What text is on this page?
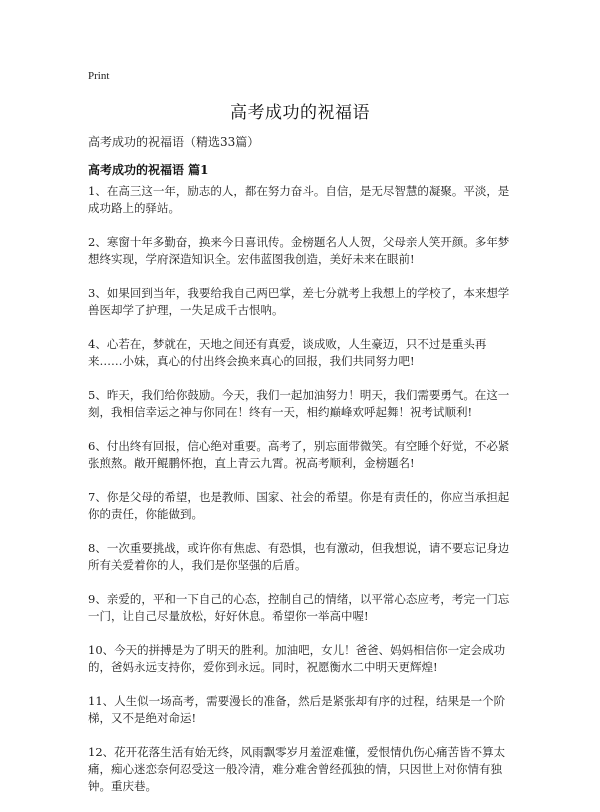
Print
高考成功的祝福语
高考成功的祝福语（精选33篇）
高考成功的祝福语 篇1

1、在高三这一年，励志的人，都在努力奋斗。自信，是无尽智慧的凝聚。平淡，是成功路上的驿站。

2、寒窗十年多勤奋，换来今日喜讯传。金榜题名人人贺，父母亲人笑开颜。多年梦想终实现，学府深造知识全。宏伟蓝图我创造，美好未来在眼前!

3、如果回到当年，我要给我自己两巴掌，差七分就考上我想上的学校了，本来想学兽医却学了护理，一失足成千古恨呐。

4、心若在，梦就在，天地之间还有真爱，谈成败，人生豪迈，只不过是重头再来……小妹，真心的付出终会换来真心的回报，我们共同努力吧!

5、昨天，我们给你鼓励。今天，我们一起加油努力！明天，我们需要勇气。在这一刻，我相信幸运之神与你同在！终有一天，相约巅峰欢呼起舞！祝考试顺利!

6、付出终有回报，信心绝对重要。高考了，别忘面带微笑。有空睡个好觉，不必紧张煎熬。敞开鲲鹏怀抱，直上青云九霄。祝高考顺利，金榜题名!

7、你是父母的希望，也是教师、国家、社会的希望。你是有责任的，你应当承担起你的责任，你能做到。

8、一次重要挑战，或许你有焦虑、有恐惧，也有激动，但我想说，请不要忘记身边所有关爱着你的人，我们是你坚强的后盾。

9、亲爱的，平和一下自己的心态，控制自己的情绪，以平常心态应考，考完一门忘一门，让自己尽量放松，好好休息。希望你一举高中喔!

10、今天的拼搏是为了明天的胜利。加油吧，女儿！爸爸、妈妈相信你一定会成功的，爸妈永远支持你，爱你到永远。同时，祝愿衡水二中明天更辉煌!

11、人生似一场高考，需要漫长的准备，然后是紧张却有序的过程，结果是一个阶梯，又不是绝对命运!

12、花开花落生活有始无终，风雨飘零岁月羞涩难懂，爱恨情仇伤心痛苦皆不算太痛，痴心迷恋奈何忍受这一般冷清，难分难舍曾经孤独的情，只因世上对你情有独钟。重庆巷。
